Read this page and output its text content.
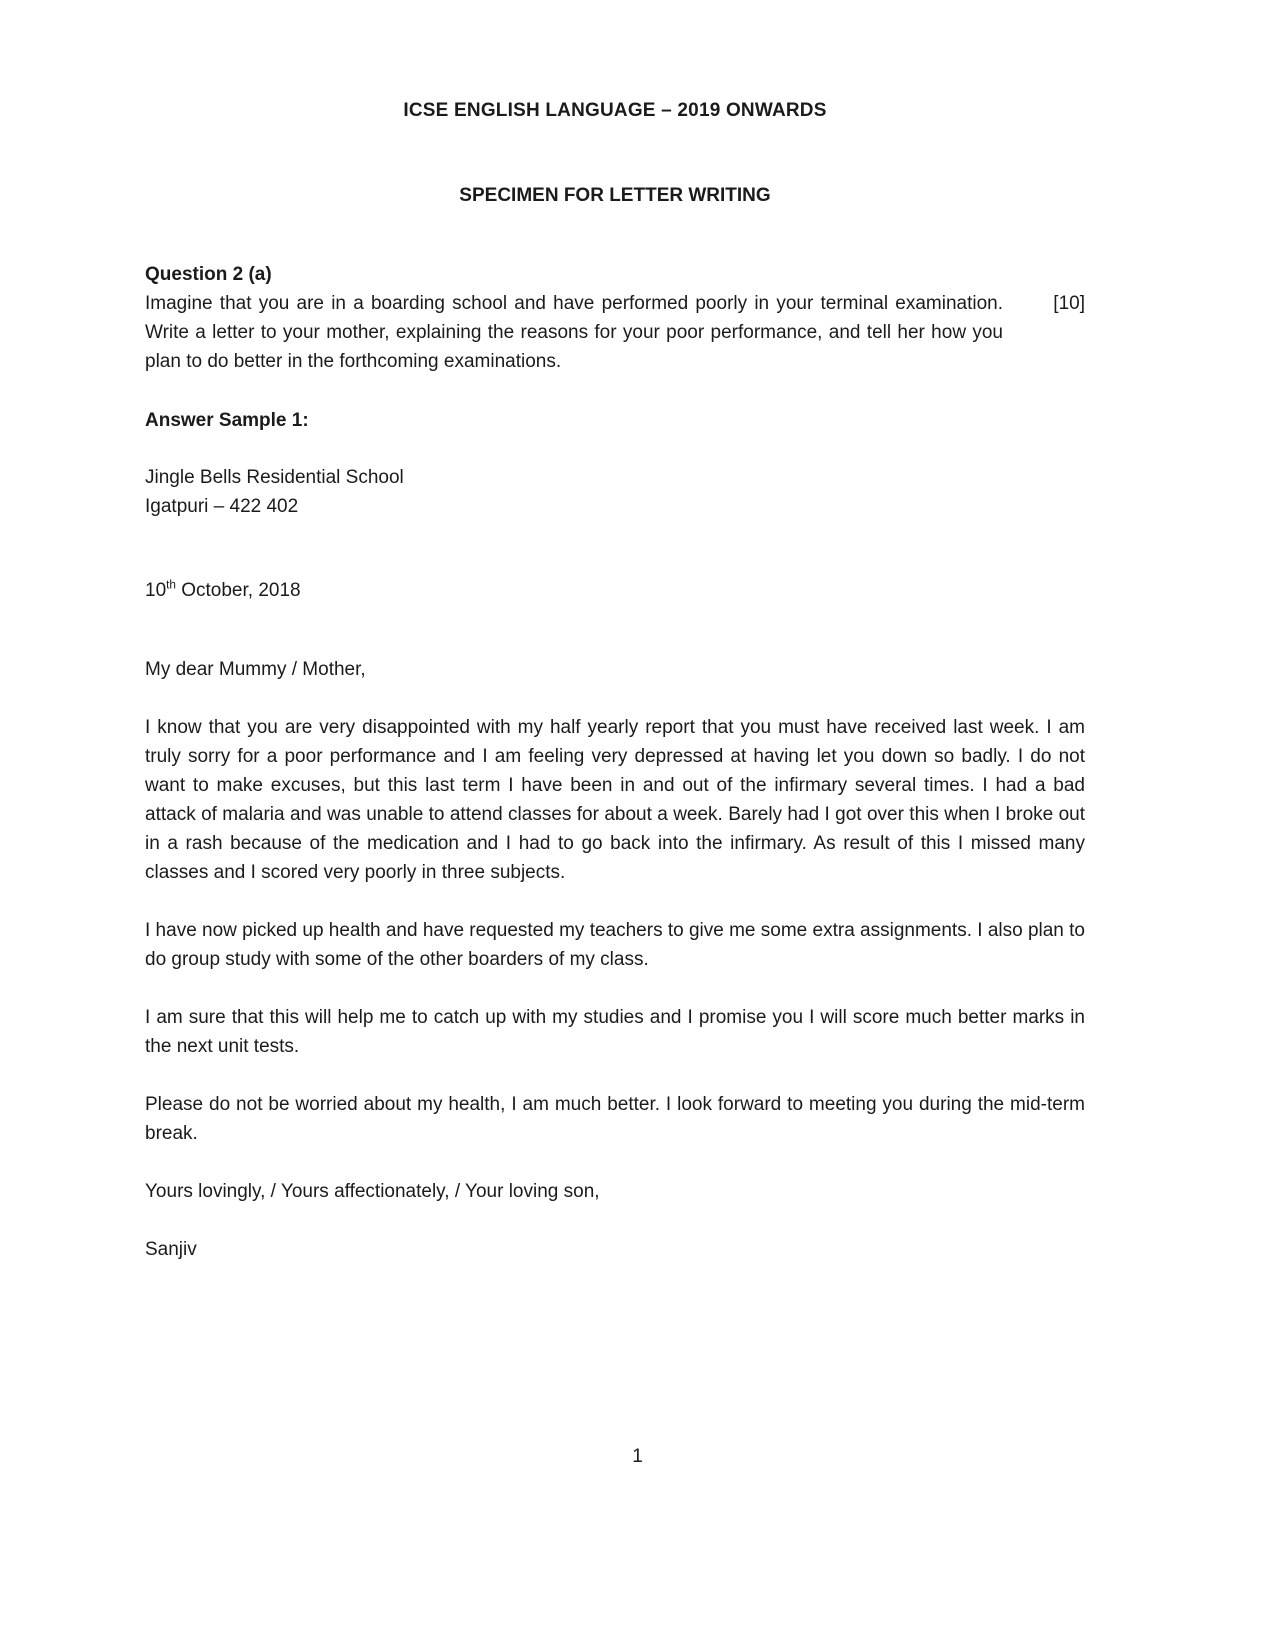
ICSE ENGLISH LANGUAGE – 2019 ONWARDS
SPECIMEN FOR LETTER WRITING
Question 2 (a)
Imagine that you are in a boarding school and have performed poorly in your terminal examination. Write a letter to your mother, explaining the reasons for your poor performance, and tell her how you plan to do better in the forthcoming examinations.
[10]
Answer Sample 1:
Jingle Bells Residential School
Igatpuri – 422 402
10th October, 2018
My dear Mummy / Mother,

I know that you are very disappointed with my half yearly report that you must have received last week. I am truly sorry for a poor performance and I am feeling very depressed at having let you down so badly. I do not want to make excuses, but this last term I have been in and out of the infirmary several times. I had a bad attack of malaria and was unable to attend classes for about a week. Barely had I got over this when I broke out in a rash because of the medication and I had to go back into the infirmary. As result of this I missed many classes and I scored very poorly in three subjects.

I have now picked up health and have requested my teachers to give me some extra assignments. I also plan to do group study with some of the other boarders of my class.

I am sure that this will help me to catch up with my studies and I promise you I will score much better marks in the next unit tests.

Please do not be worried about my health, I am much better. I look forward to meeting you during the mid-term break.

Yours lovingly, / Yours affectionately, / Your loving son,
Sanjiv
1
